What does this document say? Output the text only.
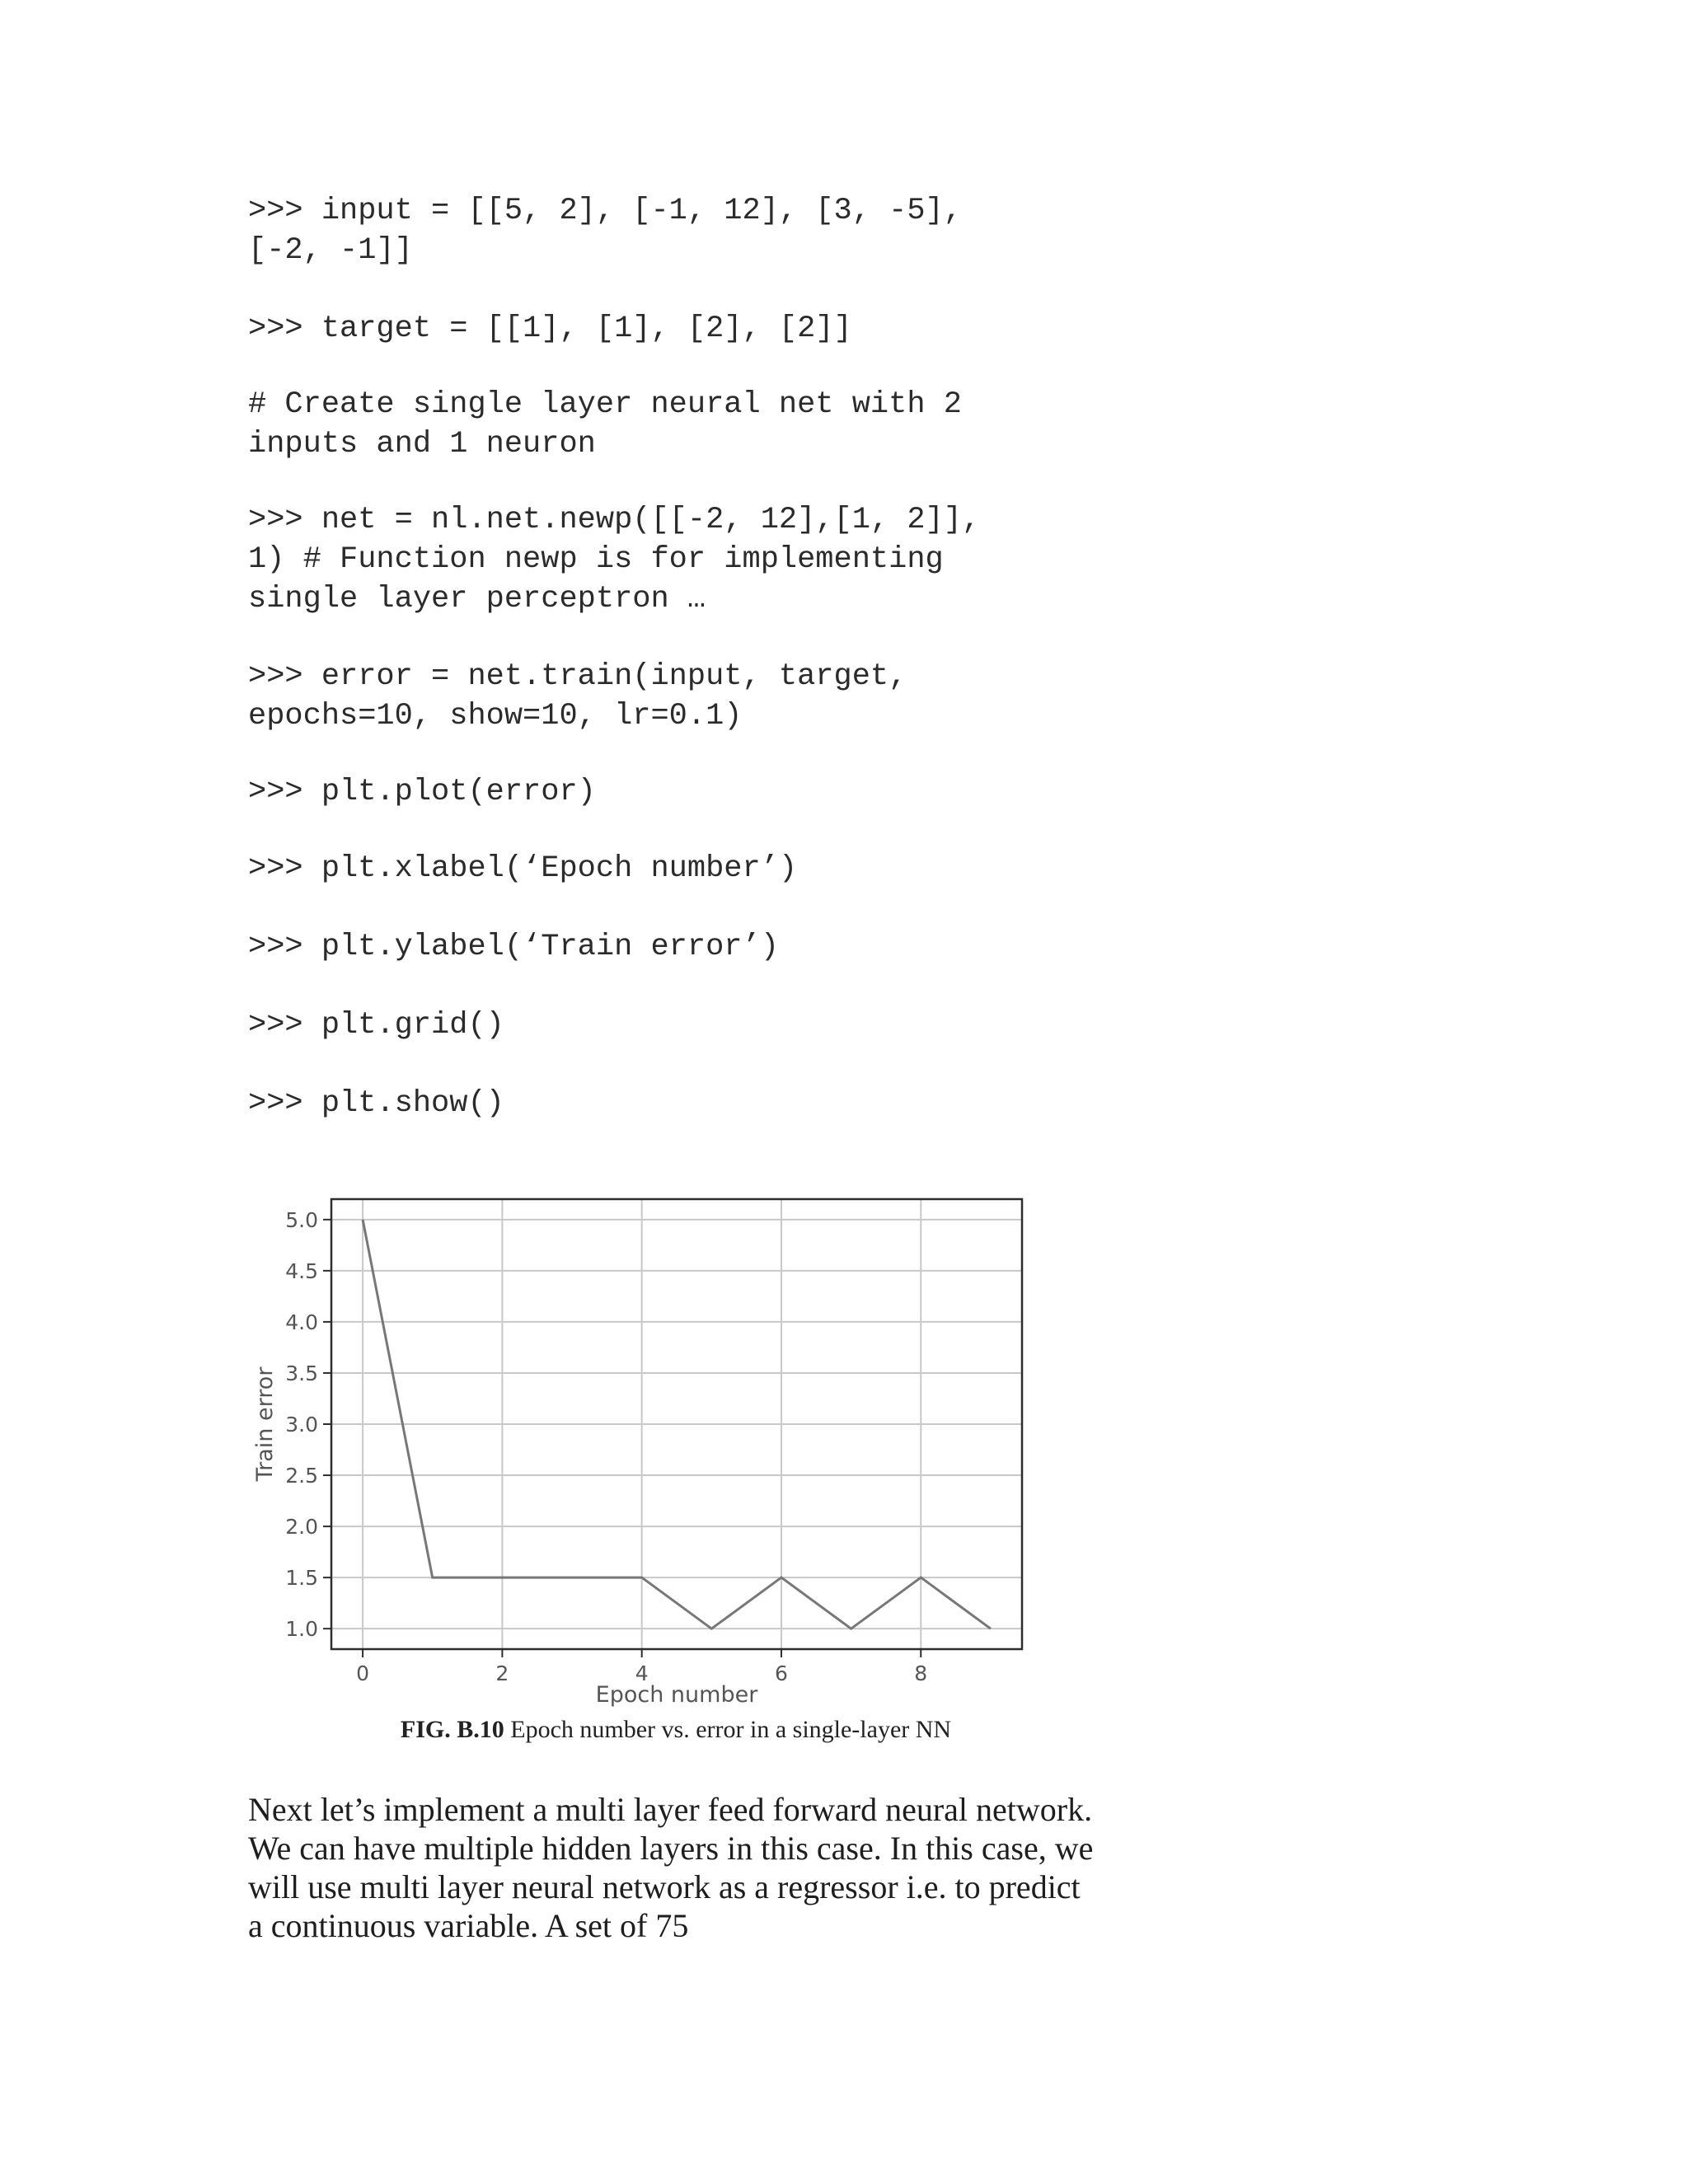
>>> input = [[5, 2], [-1, 12], [3, -5],
[-2, -1]]
>>> target = [[1], [1], [2], [2]]
# Create single layer neural net with 2
inputs and 1 neuron
>>> net = nl.net.newp([[-2, 12],[1, 2]],
1) # Function newp is for implementing
single layer perceptron …
>>> error = net.train(input, target,
epochs=10, show=10, lr=0.1)
>>> plt.plot(error)
>>> plt.xlabel(‘Epoch number’)
>>> plt.ylabel(‘Train error’)
>>> plt.grid()
>>> plt.show()
0	2	4	6	8
1.0
1.5
2.0
2.5
3.0
3.5
4.0
4.5
5.0
Epoch number
Train error
FIG. B.10 Epoch number vs. error in a single-layer NN

Next let’s implement a multi layer feed forward neural network. We can have multiple hidden layers in this case. In this case, we will use multi layer neural network as a regressor i.e. to predict a continuous variable. A set of 75
